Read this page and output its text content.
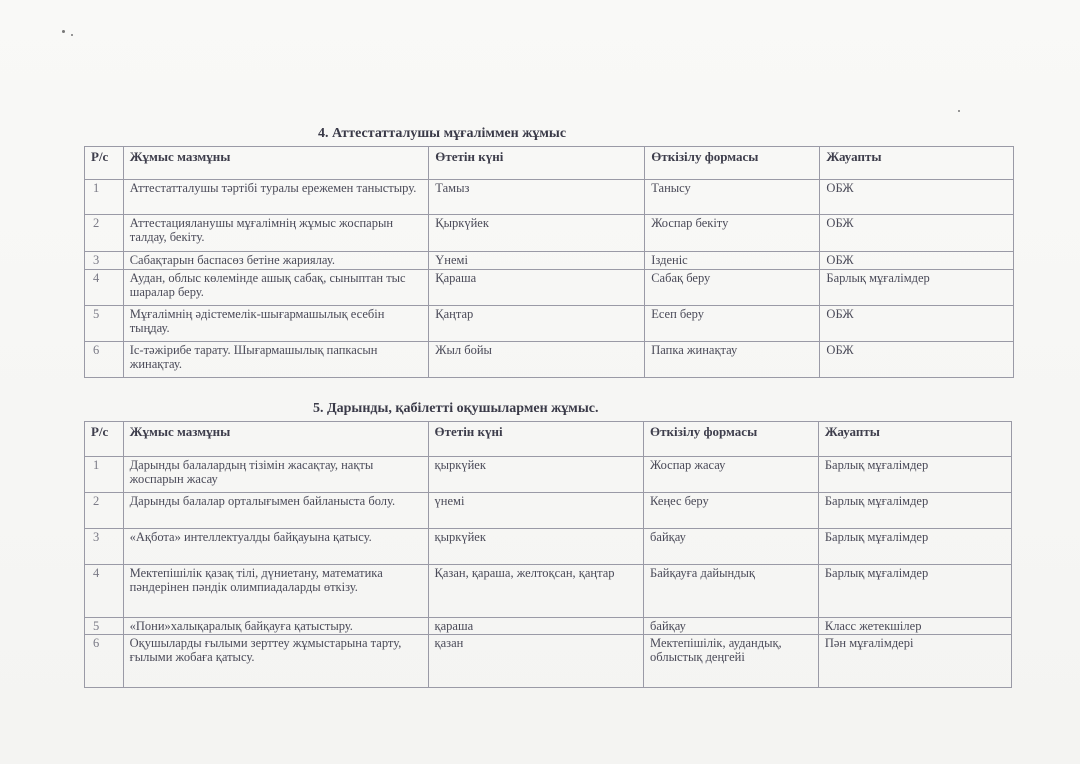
4. Аттестатталушы мұғаліммен жұмыс
Р/с	Жұмыс мазмұны	Өтетін күні	Өткізілу формасы	Жауапты
1	Аттестатталушы тәртібі туралы ережемен таныстыру.	Тамыз	Танысу	ОБЖ
2	Аттестацияланушы мұғалімнің жұмыс жоспарын талдау, бекіту.	Қыркүйек	Жоспар бекіту	ОБЖ
3	Сабақтарын баспасөз бетіне жариялау.	Үнемі	Ізденіс	ОБЖ
4	Аудан, облыс көлемінде ашық сабақ, сыныптан тыс шаралар беру.	Қараша	Сабақ беру	Барлық мұғалімдер
5	Мұғалімнің әдістемелік-шығармашылық есебін тыңдау.	Қаңтар	Есеп беру	ОБЖ
6	Іс-тәжірибе тарату. Шығармашылық папкасын жинақтау.	Жыл бойы	Папка жинақтау	ОБЖ
5. Дарынды, қабілетті оқушылармен жұмыс.
Р/с	Жұмыс мазмұны	Өтетін күні	Өткізілу формасы	Жауапты
1	Дарынды балалардың тізімін жасақтау, нақты жоспарын жасау	қыркүйек	Жоспар жасау	Барлық мұғалімдер
2	Дарынды балалар орталығымен байланыста болу.	үнемі	Кеңес беру	Барлық мұғалімдер
3	«Ақбота» интеллектуалды байқауына қатысу.	қыркүйек	байқау	Барлық мұғалімдер
4	Мектепішілік қазақ тілі, дүниетану, математика пәндерінен пәндік олимпиадаларды өткізу.	Қазан, қараша, желтоқсан, қаңтар	Байқауға дайындық	Барлық мұғалімдер
5	«Пони»халықаралық байқауға қатыстыру.	қараша	байқау	Класс жетекшілер
6	Оқушыларды ғылыми зерттеу жұмыстарына тарту, ғылыми жобаға қатысу.	қазан	Мектепішілік, аудандық, облыстық деңгейі	Пән мұғалімдері
